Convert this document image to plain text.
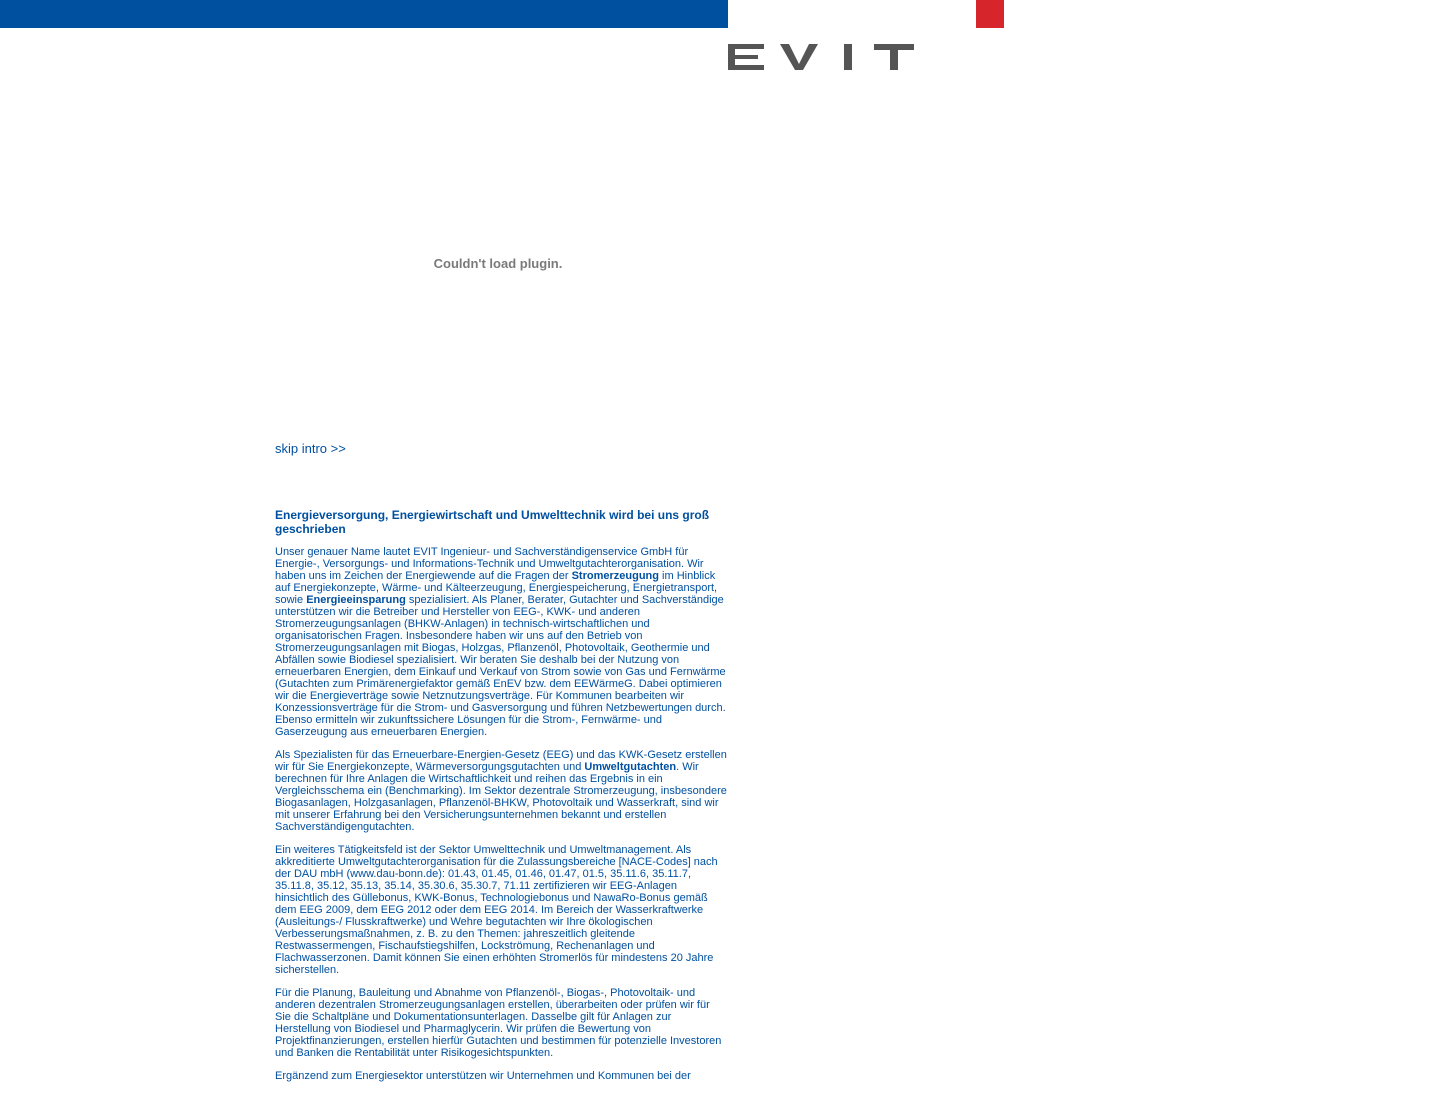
Couldn't load plugin.
skip intro >>
Energieversorgung, Energiewirtschaft und Umwelttechnik wird bei uns groß geschrieben

Unser genauer Name lautet EVIT Ingenieur- und Sachverständigenservice GmbH für Energie-, Versorgungs- und Informations-Technik und Umweltgutachterorganisation. Wir haben uns im Zeichen der Energiewende auf die Fragen der Stromerzeugung im Hinblick auf Energiekonzepte, Wärme- und Kälteerzeugung, Energiespeicherung, Energietransport, sowie Energieeinsparung spezialisiert. Als Planer, Berater, Gutachter und Sachverständige unterstützen wir die Betreiber und Hersteller von EEG-, KWK- und anderen Stromerzeugungsanlagen (BHKW-Anlagen) in technisch-wirtschaftlichen und organisatorischen Fragen. Insbesondere haben wir uns auf den Betrieb von Stromerzeugungsanlagen mit Biogas, Holzgas, Pflanzenöl, Photovoltaik, Geothermie und Abfällen sowie Biodiesel spezialisiert. Wir beraten Sie deshalb bei der Nutzung von erneuerbaren Energien, dem Einkauf und Verkauf von Strom sowie von Gas und Fernwärme (Gutachten zum Primärenergiefaktor gemäß EnEV bzw. dem EEWärmeG. Dabei optimieren wir die Energieverträge sowie Netznutzungsverträge. Für Kommunen bearbeiten wir Konzessionsverträge für die Strom- und Gasversorgung und führen Netzbewertungen durch. Ebenso ermitteln wir zukunftssichere Lösungen für die Strom-, Fernwärme- und Gaserzeugung aus erneuerbaren Energien.

Als Spezialisten für das Erneuerbare-Energien-Gesetz (EEG) und das KWK-Gesetz erstellen wir für Sie Energiekonzepte, Wärmeversorgungsgutachten und Umweltgutachten. Wir berechnen für Ihre Anlagen die Wirtschaftlichkeit und reihen das Ergebnis in ein Vergleichsschema ein (Benchmarking). Im Sektor dezentrale Stromerzeugung, insbesondere Biogasanlagen, Holzgasanlagen, Pflanzenöl-BHKW, Photovoltaik und Wasserkraft, sind wir mit unserer Erfahrung bei den Versicherungsunternehmen bekannt und erstellen Sachverständigengutachten.

Ein weiteres Tätigkeitsfeld ist der Sektor Umwelttechnik und Umweltmanagement. Als akkreditierte Umweltgutachterorganisation für die Zulassungsbereiche [NACE-Codes] nach der DAU mbH (www.dau-bonn.de): 01.43, 01.45, 01.46, 01.47, 01.5, 35.11.6, 35.11.7, 35.11.8, 35.12, 35.13, 35.14, 35.30.6, 35.30.7, 71.11 zertifizieren wir EEG-Anlagen hinsichtlich des Güllebonus, KWK-Bonus, Technologiebonus und NawaRo-Bonus gemäß dem EEG 2009, dem EEG 2012 oder dem EEG 2014. Im Bereich der Wasserkraftwerke (Ausleitungs-/ Flusskraftwerke) und Wehre begutachten wir Ihre ökologischen Verbesserungsmaßnahmen, z. B. zu den Themen: jahreszeitlich gleitende Restwassermengen, Fischaufstiegshilfen, Lockströmung, Rechenanlagen und Flachwasserzonen. Damit können Sie einen erhöhten Stromerlös für mindestens 20 Jahre sicherstellen.

Für die Planung, Bauleitung und Abnahme von Pflanzenöl-, Biogas-, Photovoltaik- und anderen dezentralen Stromerzeugungsanlagen erstellen, überarbeiten oder prüfen wir für Sie die Schaltpläne und Dokumentationsunterlagen. Dasselbe gilt für Anlagen zur Herstellung von Biodiesel und Pharmaglycerin. Wir prüfen die Bewertung von Projektfinanzierungen, erstellen hierfür Gutachten und bestimmen für potenzielle Investoren und Banken die Rentabilität unter Risikogesichtspunkten.

Ergänzend zum Energiesektor unterstützen wir Unternehmen und Kommunen bei der
